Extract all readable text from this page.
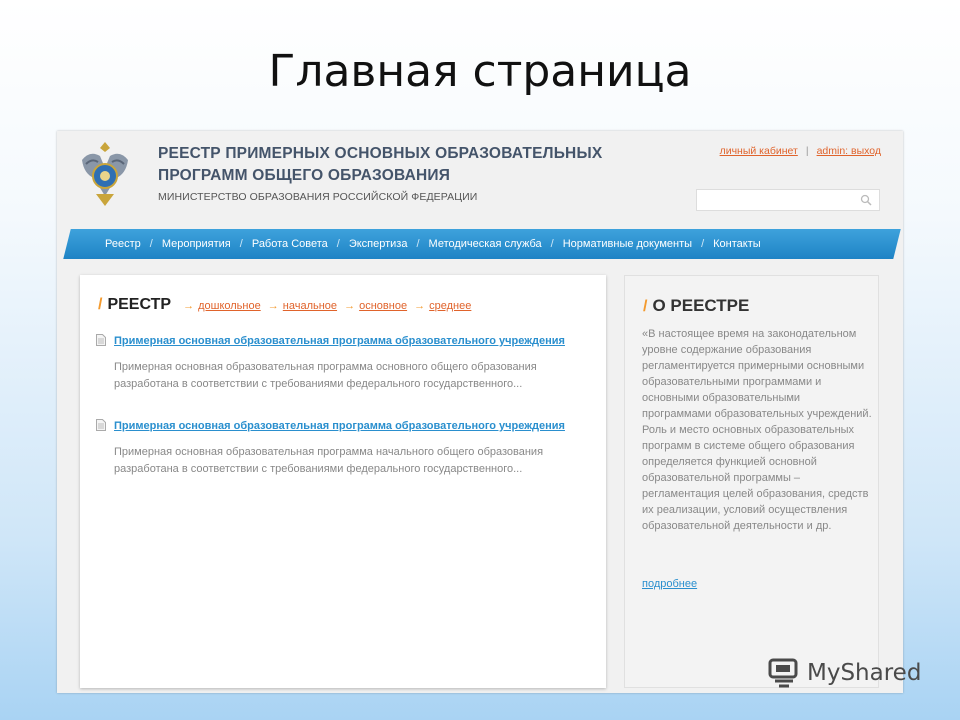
Главная страница
РЕЕСТР ПРИМЕРНЫХ ОСНОВНЫХ ОБРАЗОВАТЕЛЬНЫХ
ПРОГРАММ ОБЩЕГО ОБРАЗОВАНИЯ
МИНИСТЕРСТВО ОБРАЗОВАНИЯ РОССИЙСКОЙ ФЕДЕРАЦИИ
личный кабинет | admin: выход
Реестр / Мероприятия / Работа Совета / Экспертиза / Методическая служба / Нормативные документы / Контакты
/ РЕЕСТР	→ дошкольное → начальное → основное → среднее
Примерная основная образовательная программа образовательного учреждения
Примерная основная образовательная программа основного общего образования разработана в соответствии с требованиями федерального государственного...
Примерная основная образовательная программа образовательного учреждения
Примерная основная образовательная программа начального общего образования разработана в соответствии с требованиями федерального государственного...
/ О РЕЕСТРЕ
«В настоящее время на законодательном уровне содержание образования регламентируется примерными основными образовательными программами и основными образовательными программами образовательных учреждений. Роль и место основных образовательных программ в системе общего образования определяется функцией основной образовательной программы – регламентация целей образования, средств их реализации, условий осуществления образовательной деятельности и др.
подробнее
MyShared
